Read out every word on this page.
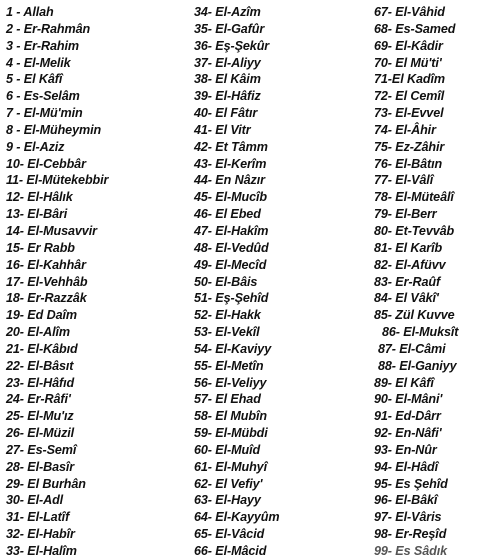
1 - Allah
2 - Er-Rahmân
3 - Er-Rahim
4 - El-Melik
5 - El Kâfî
6 - Es-Selâm
7 - El-Mü'min
8 - El-Müheymin
9 - El-Aziz
10- El-Cebbâr
11- El-Mütekebbir
12- El-Hâlık
13- El-Bâri
14- El-Musavvir
15- Er Rabb
16- El-Kahhâr
17- El-Vehhâb
18- Er-Razzâk
19- Ed Daîm
20- El-Alîm
21- El-Kâbıd
22- El-Bâsıt
23- El-Hâfıd
24- Er-Râfi'
25- El-Mu'ız
26- El-Müzil
27- Es-Semî
28- El-Basîr
29- El Burhân
30- El-Adl
31- El-Latîf
32- El-Habîr
33- El-Halîm
34- El-Azîm
35- El-Gafûr
36- Eş-Şekûr
37- El-Aliyy
38- El Kâim
39- El-Hâfiz
40- El Fâtır
41- El Vitr
42- Et Tâmm
43- El-Kerîm
44- En Nâzır
45- El-Mucîb
46- El Ebed
47- El-Hakîm
48- El-Vedûd
49- El-Mecîd
50- El-Bâis
51- Eş-Şehîd
52- El-Hakk
53- El-Vekîl
54- El-Kaviyy
55- El-Metîn
56- El-Veliyy
57- El Ehad
58- El Mubîn
59- El-Mübdi
60- El-Muîd
61- El-Muhyî
62- El Vefiy'
63- El-Hayy
64- El-Kayyûm
65- El-Vâcid
66- El-Mâcid
67- El-Vâhid
68- Es-Samed
69- El-Kâdir
70- El Mü'ti'
71-El Kadîm
72- El Cemîl
73- El-Evvel
74- El-Âhir
75- Ez-Zâhir
76- El-Bâtın
77- El-Vâlî
78- El-Müteâlî
79- El-Berr
80- Et-Tevvâb
81- El Karîb
82- El-Afüvv
83- Er-Raûf
84- El Vâkî'
85- Zül Kuvve
86- El-Muksît
87- El-Câmi
88- El-Ganiyy
89- El Kâfî
90- El-Mâni'
91- Ed-Dârr
92- En-Nâfi'
93- En-Nûr
94- El-Hâdî
95- Es Şehîd
96- El-Bâkî
97- El-Vâris
98- Er-Reşîd
99- Es Sâdık
